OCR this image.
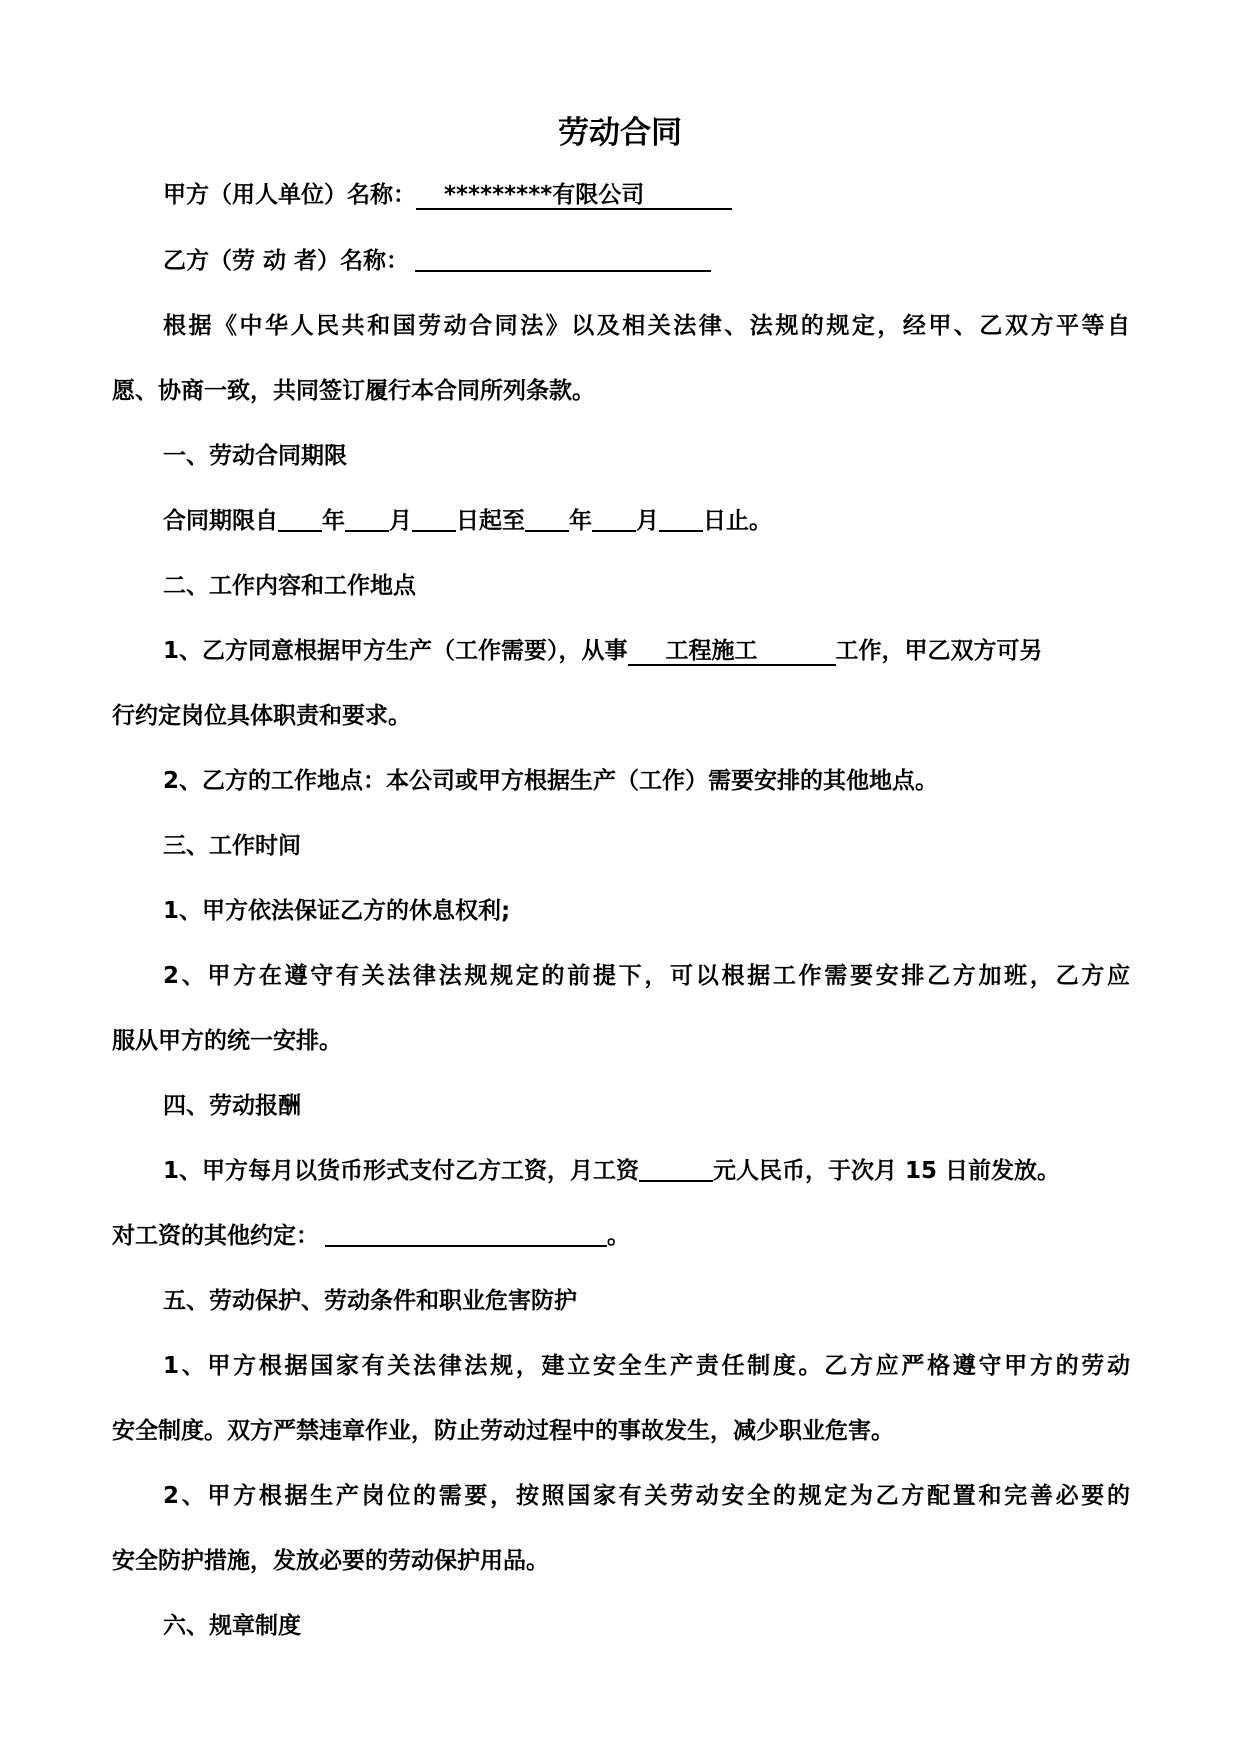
劳动合同
甲方（用人单位）名称： *********有限公司
乙方（劳 动 者）名称：
根据《中华人民共和国劳动合同法》以及相关法律、法规的规定，经甲、乙双方平等自
愿、协商一致，共同签订履行本合同所列条款。
一、劳动合同期限
合同期限自 年 月 日起至 年 月 日止。
二、工作内容和工作地点
1、乙方同意根据甲方生产（工作需要），从事 工程施工	工作，甲乙双方可另
行约定岗位具体职责和要求。
2、乙方的工作地点：本公司或甲方根据生产（工作）需要安排的其他地点。
三、工作时间
1、甲方依法保证乙方的休息权利;
2、甲方在遵守有关法律法规规定的前提下，可以根据工作需要安排乙方加班，乙方应
服从甲方的统一安排。
四、劳动报酬
1、甲方每月以货币形式支付乙方工资，月工资	元人民币，于次月 15 日前发放。
对工资的其他约定：	。
五、劳动保护、劳动条件和职业危害防护
1、甲方根据国家有关法律法规，建立安全生产责任制度。乙方应严格遵守甲方的劳动
安全制度。双方严禁违章作业，防止劳动过程中的事故发生，减少职业危害。
2、甲方根据生产岗位的需要，按照国家有关劳动安全的规定为乙方配置和完善必要的
安全防护措施，发放必要的劳动保护用品。
六、规章制度
